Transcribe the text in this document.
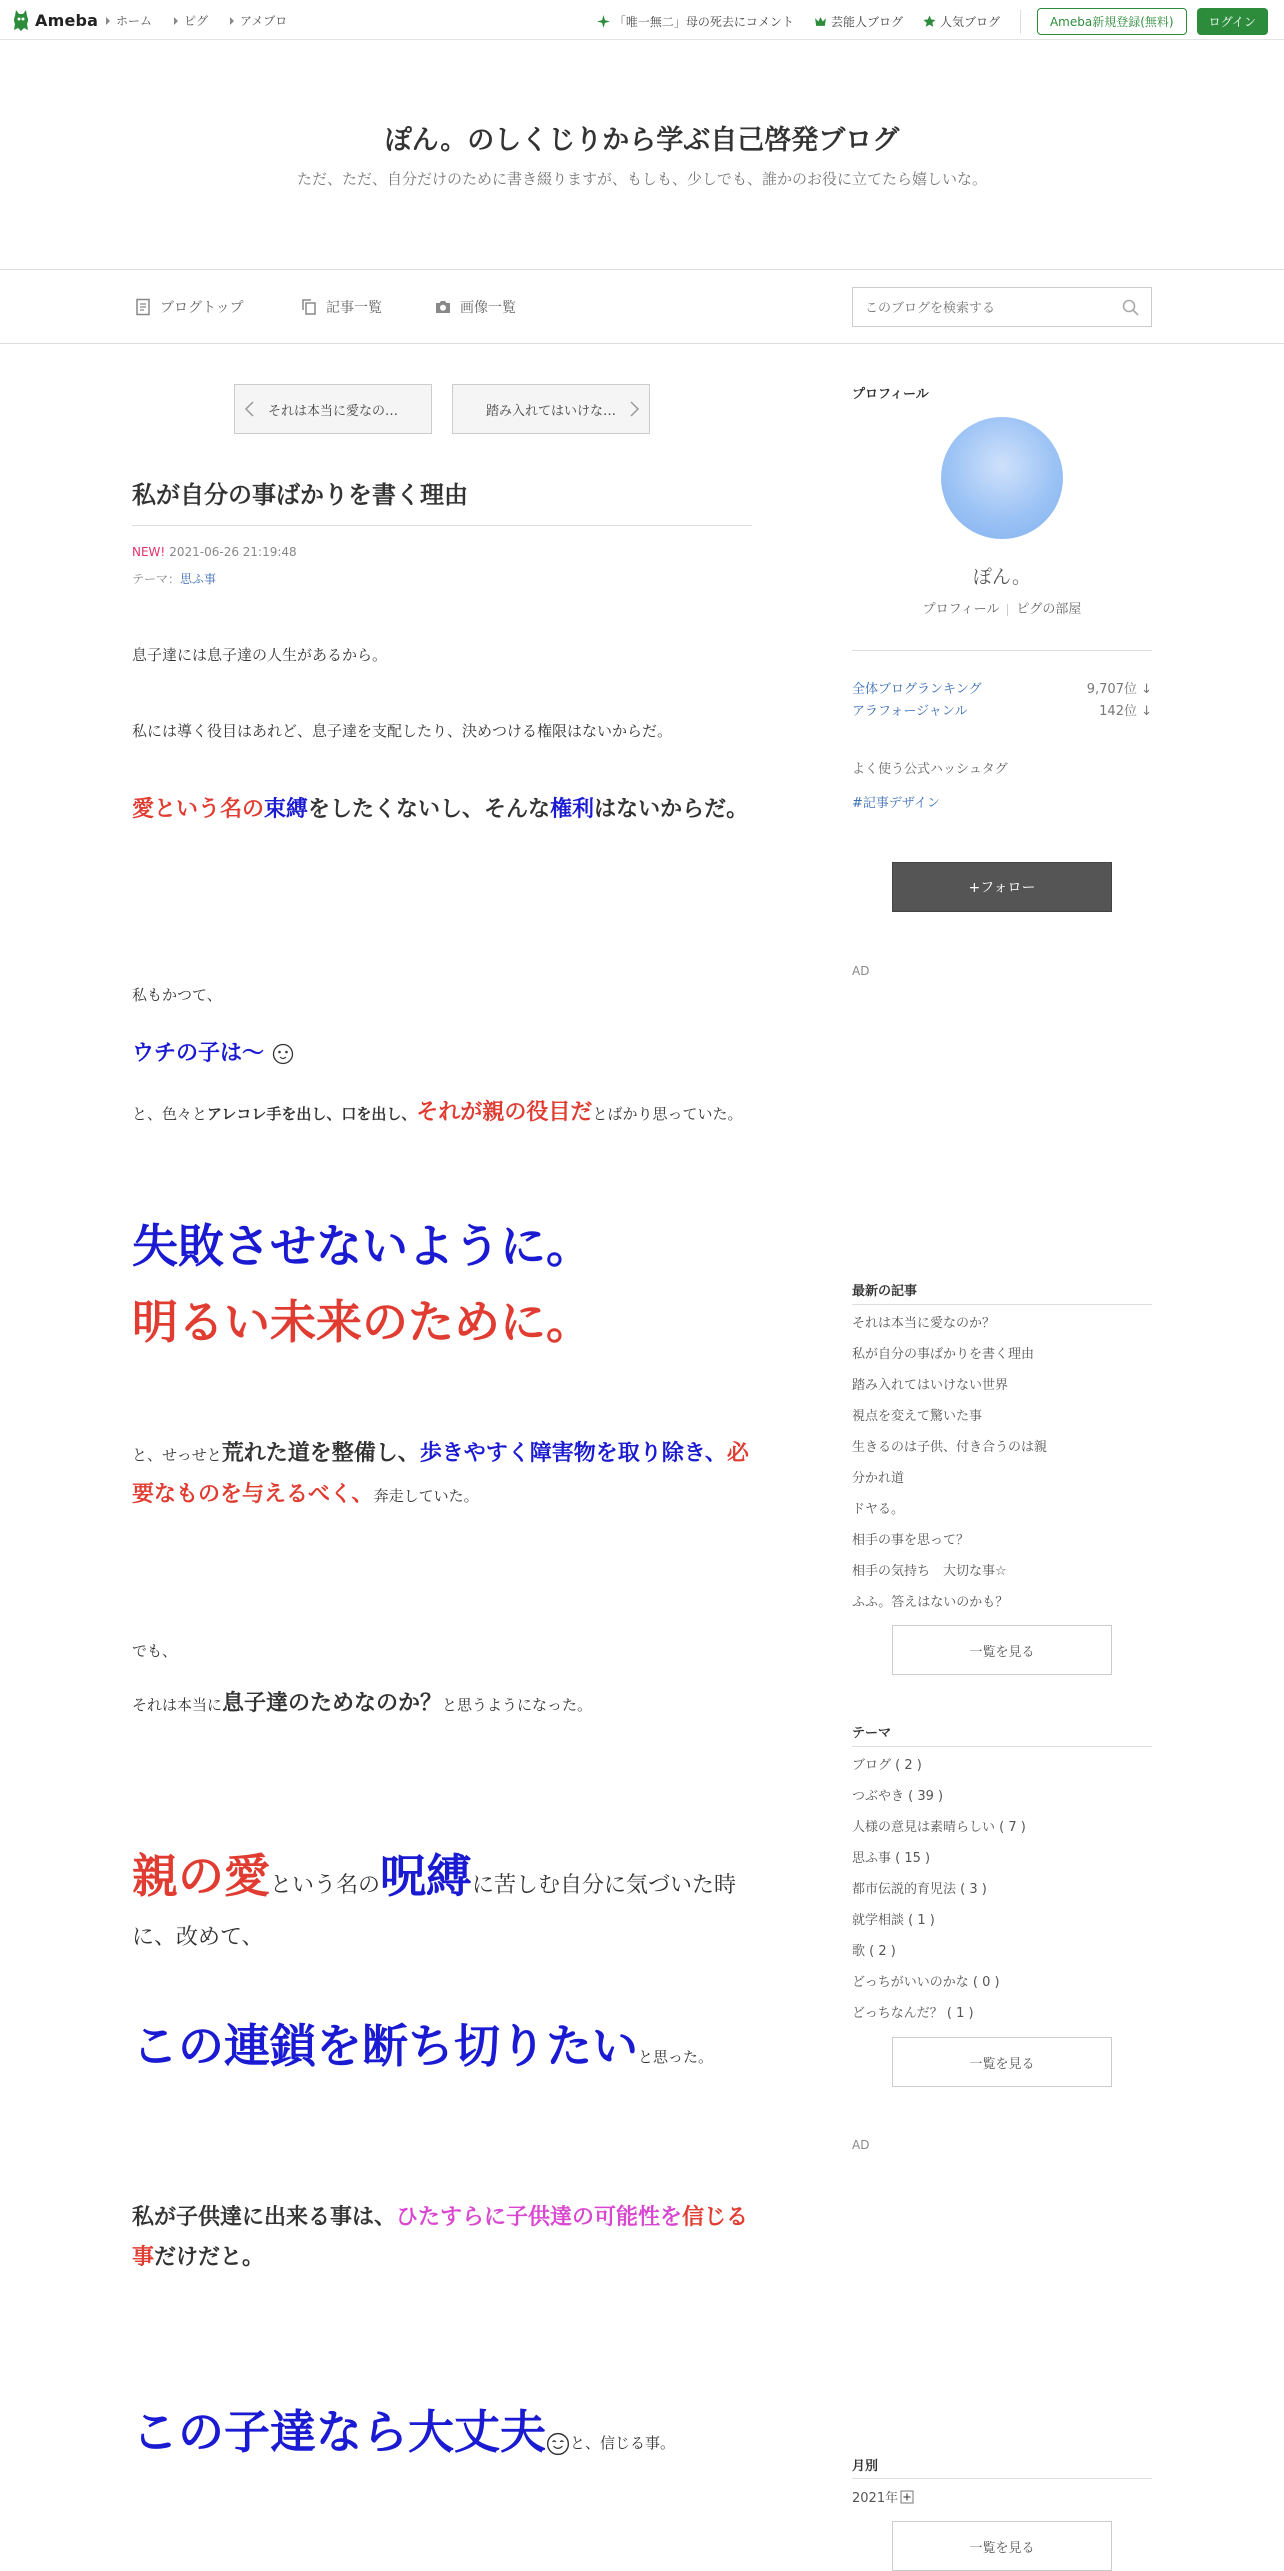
Ameba ホーム	ピグ	アメブロ	「唯一無二」母の死去にコメント	芸能人ブログ	人気ブログ	Ameba新規登録(無料)	ログイン
ぽん。のしくじりから学ぶ自己啓発ブログ
ただ、ただ、自分だけのために書き綴りますが、もしも、少しでも、誰かのお役に立てたら嬉しいな。
ブログトップ	記事一覧	画像一覧
このブログを検索する
それは本当に愛なの…	踏み入れてはいけな…
私が自分の事ばかりを書く理由
NEW! 2021-06-26 21:19:48
テーマ：思ふ事
息子達には息子達の人生があるから。
私には導く役目はあれど、息子達を支配したり、決めつける権限はないからだ。
愛という名の束縛をしたくないし、そんな権利はないからだ。
私もかつて、
ウチの子は〜
と、色々とアレコレ手を出し、口を出し、それが親の役目だとばかり思っていた。
失敗させないように。
明るい未来のために。
と、せっせと荒れた道を整備し、歩きやすく障害物を取り除き、必要なものを与えるべく、奔走していた。
でも、
それは本当に息子達のためなのか？と思うようになった。
親の愛という名の呪縛に苦しむ自分に気づいた時に、改めて、
この連鎖を断ち切りたいと思った。
私が子供達に出来る事は、ひたすらに子供達の可能性を信じる事だけだと。
この子達なら大丈夫 と、信じる事。
プロフィール
ぽん。
プロフィール ピグの部屋
全体ブログランキング	9,707位 ↓
アラフォージャンル	142位 ↓
よく使う公式ハッシュタグ
#記事デザイン
+フォロー
AD
最新の記事
それは本当に愛なのか？
私が自分の事ばかりを書く理由
踏み入れてはいけない世界
視点を変えて驚いた事
生きるのは子供、付き合うのは親
分かれ道
ドヤる。
相手の事を思って？
相手の気持ち　大切な事☆
ふふ。答えはないのかも？
一覧を見る
テーマ
ブログ ( 2 )
つぶやき ( 39 )
人様の意見は素晴らしい ( 7 )
思ふ事 ( 15 )
都市伝説的育児法 ( 3 )
就学相談 ( 1 )
歌 ( 2 )
どっちがいいのかな ( 0 )
どっちなんだ？ ( 1 )
一覧を見る
AD
月別
2021年
一覧を見る
